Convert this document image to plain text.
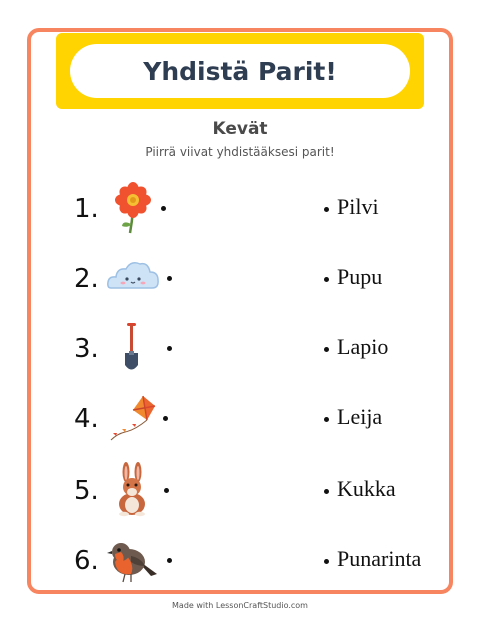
Yhdistä Parit!
Kevät
Piirrä viivat yhdistääksesi parit!
1.	Pilvi
2.	Pupu
3.	Lapio
4.	Leija
5.	Kukka
6.	Punarinta
Made with LessonCraftStudio.com
